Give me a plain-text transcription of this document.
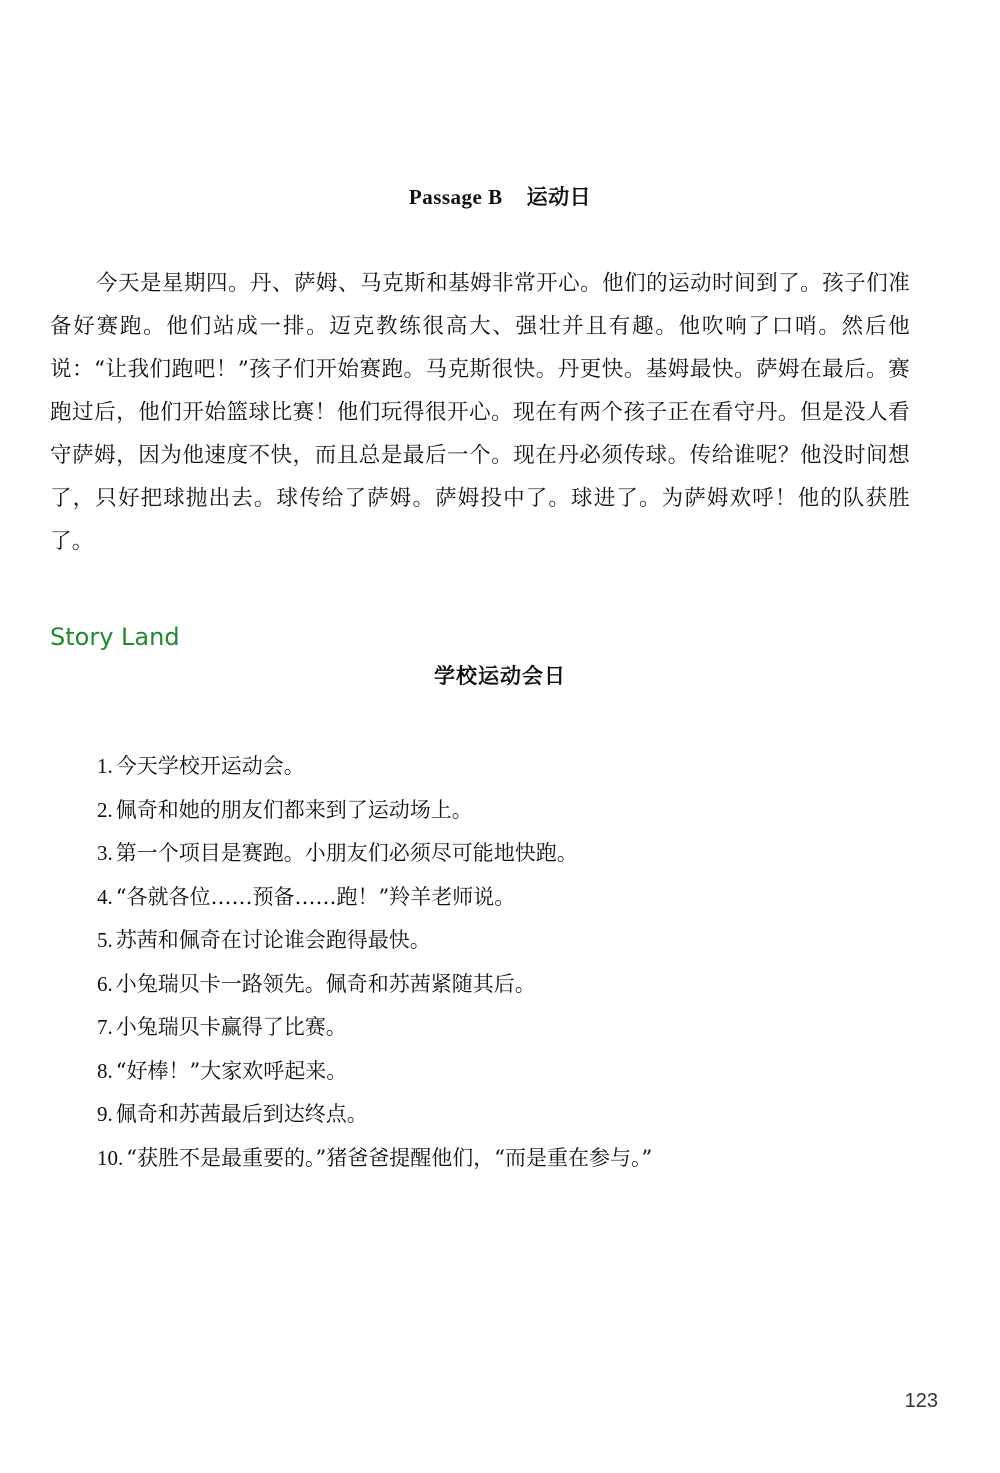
Passage B 运动日
今天是星期四。丹、萨姆、马克斯和基姆非常开心。他们的运动时间到了。孩子们准备好赛跑。他们站成一排。迈克教练很高大、强壮并且有趣。他吹响了口哨。然后他说：“让我们跑吧！”孩子们开始赛跑。马克斯很快。丹更快。基姆最快。萨姆在最后。赛跑过后，他们开始篮球比赛！他们玩得很开心。现在有两个孩子正在看守丹。但是没人看守萨姆，因为他速度不快，而且总是最后一个。现在丹必须传球。传给谁呢？他没时间想了，只好把球抛出去。球传给了萨姆。萨姆投中了。球进了。为萨姆欢呼！他的队获胜了。
Story Land
学校运动会日
1. 今天学校开运动会。
2. 佩奇和她的朋友们都来到了运动场上。
3. 第一个项目是赛跑。小朋友们必须尽可能地快跑。
4. “各就各位……预备……跑！”羚羊老师说。
5. 苏茜和佩奇在讨论谁会跑得最快。
6. 小兔瑞贝卡一路领先。佩奇和苏茜紧随其后。
7. 小兔瑞贝卡赢得了比赛。
8. “好棒！”大家欢呼起来。
9. 佩奇和苏茜最后到达终点。
10. “获胜不是最重要的。”猪爸爸提醒他们，“而是重在参与。”
123
